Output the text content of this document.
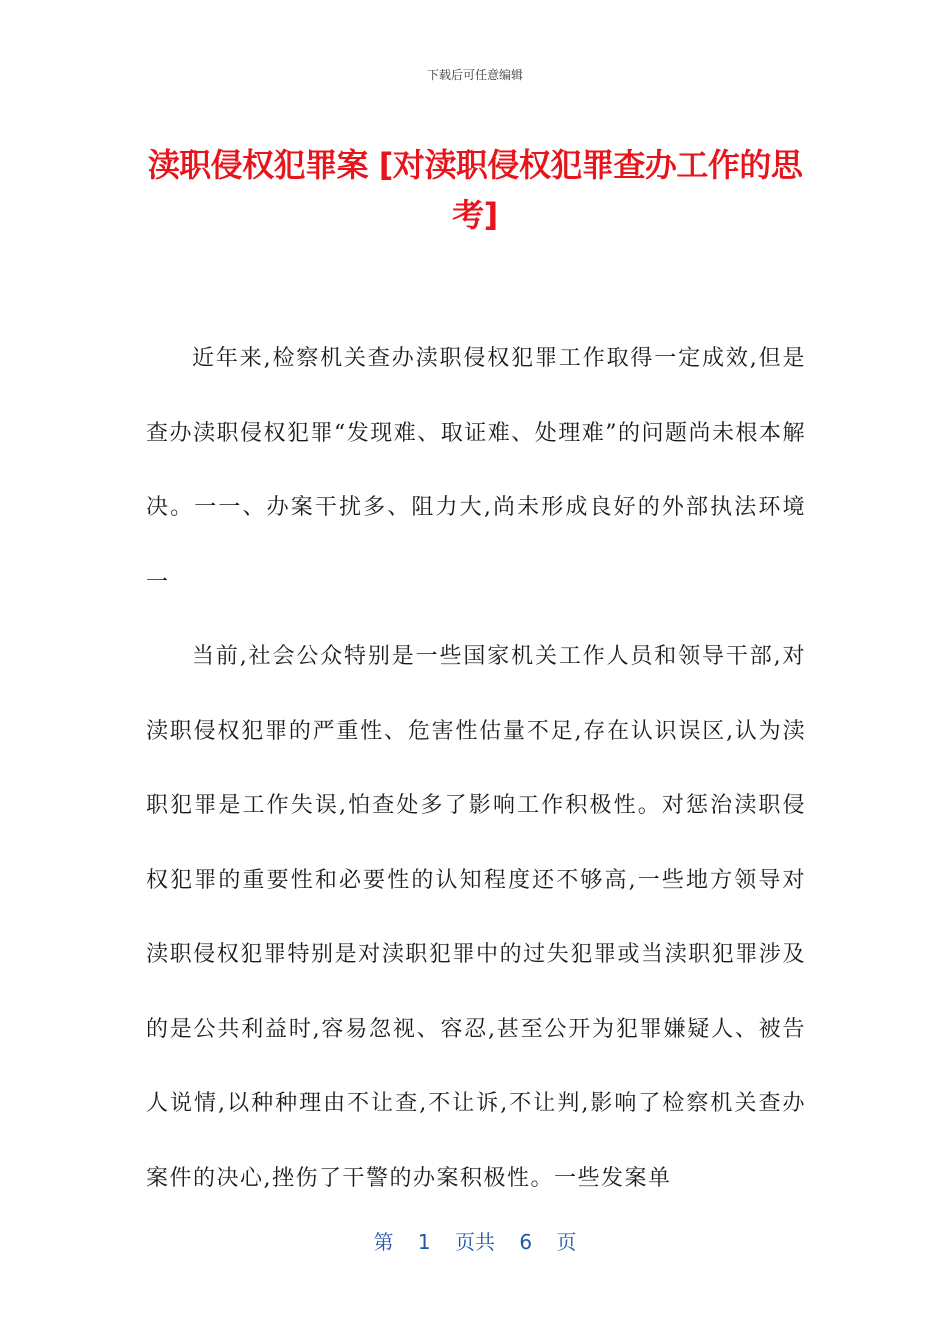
下载后可任意编辑
渎职侵权犯罪案 [对渎职侵权犯罪查办工作的思考]

近年来,检察机关查办渎职侵权犯罪工作取得一定成效,但是查办渎职侵权犯罪“发现难、取证难、处理难”的问题尚未根本解决。一一、办案干扰多、阻力大,尚未形成良好的外部执法环境一

当前,社会公众特别是一些国家机关工作人员和领导干部,对渎职侵权犯罪的严重性、危害性估量不足,存在认识误区,认为渎职犯罪是工作失误,怕查处多了影响工作积极性。对惩治渎职侵权犯罪的重要性和必要性的认知程度还不够高,一些地方领导对渎职侵权犯罪特别是对渎职犯罪中的过失犯罪或当渎职犯罪涉及的是公共利益时,容易忽视、容忍,甚至公开为犯罪嫌疑人、被告人说情,以种种理由不让查,不让诉,不让判,影响了检察机关查办案件的决心,挫伤了干警的办案积极性。一些发案单

第 1 页共 6 页
